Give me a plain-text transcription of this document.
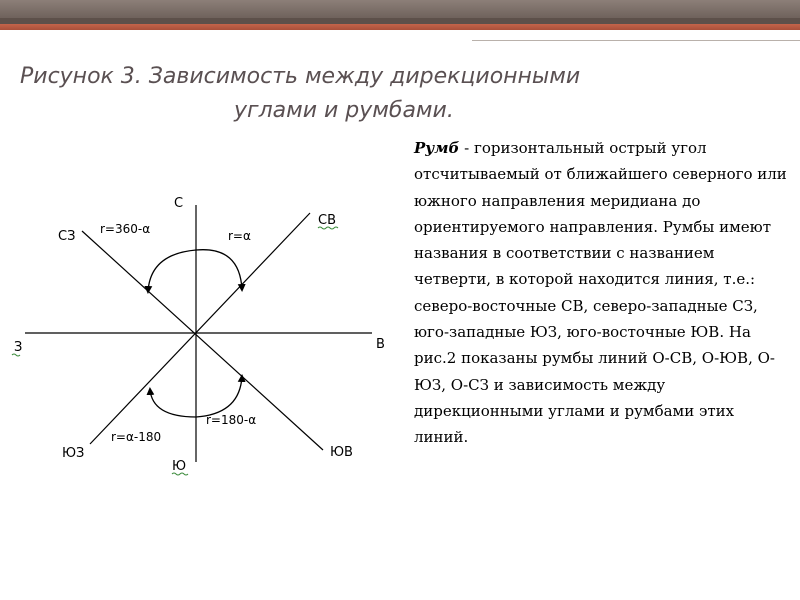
Рисунок 3. Зависимость между дирекционными
углами и румбами.
Румб - горизонтальный острый угол отсчитываемый от ближайшего северного или южного направления меридиана до ориентируемого направления. Румбы имеют названия в соответствии с названием четверти, в которой находится линия, т.е.: северо-восточные СВ, северо-западные СЗ, юго-западные ЮЗ, юго-восточные ЮВ. На рис.2 показаны румбы линий О-СВ, О-ЮВ, О-ЮЗ, О-СЗ и зависимость между дирекционными углами и румбами этих линий.
С
СВ
СЗ
З	В
ЮЗ	ЮВ
Ю
r=α
r=360-α
r=180-α
r=α-180
